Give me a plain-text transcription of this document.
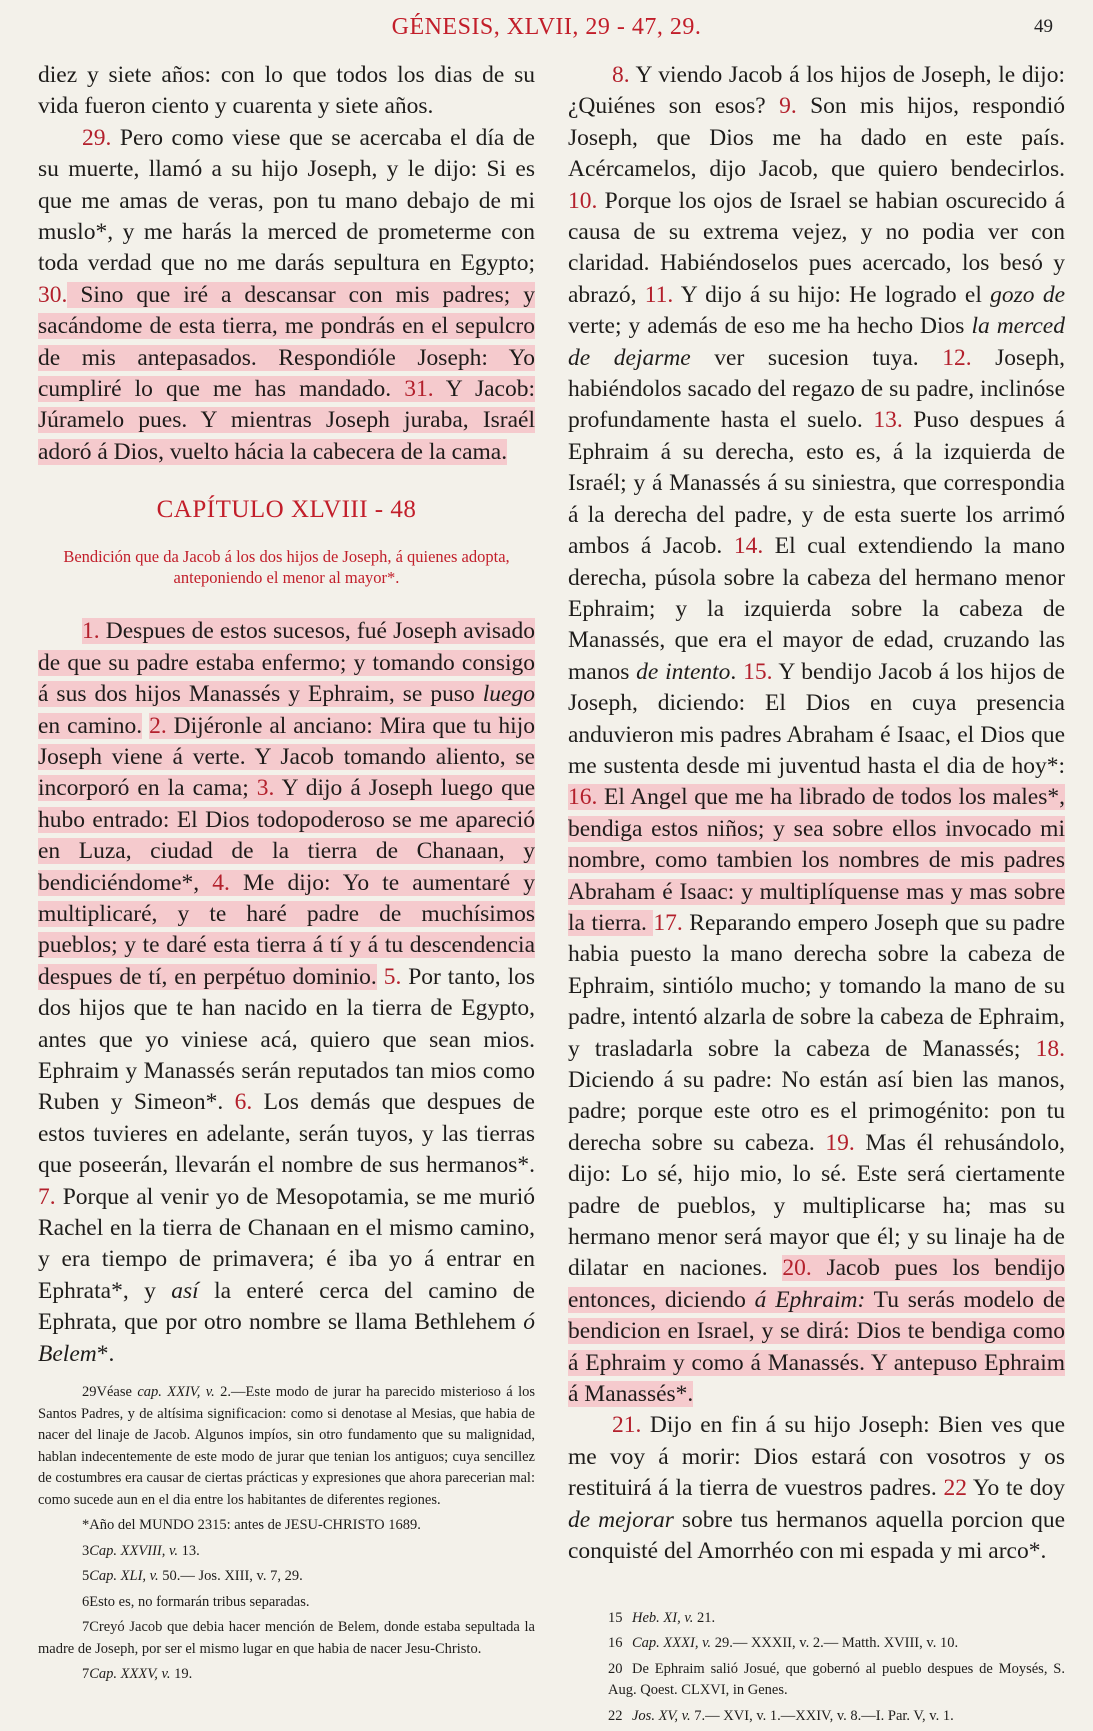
GÉNESIS, XLVII, 29 - 47, 29.	49

diez y siete años: con lo que todos los dias de su vida fueron ciento y cuarenta y siete años.

29. Pero como viese que se acercaba el día de su muerte, llamó a su hijo Joseph, y le dijo: Si es que me amas de veras, pon tu mano debajo de mi muslo*, y me harás la merced de prometerme con toda verdad que no me darás sepultura en Egypto; 30. Sino que iré a descansar con mis padres; y sacándome de esta tierra, me pondrás en el sepulcro de mis antepasados. Respondióle Joseph: Yo cumpliré lo que me has mandado. 31. Y Jacob: Júramelo pues. Y mientras Joseph juraba, Israél adoró á Dios, vuelto hácia la cabecera de la cama.

CAPÍTULO XLVIII - 48
Bendición que da Jacob á los dos hijos de Joseph, á quienes adopta, anteponiendo el menor al mayor*.

1. Despues de estos sucesos, fué Joseph avisado de que su padre estaba enfermo; y tomando consigo á sus dos hijos Manassés y Ephraim, se puso luego en camino. 2. Dijéronle al anciano: Mira que tu hijo Joseph viene á verte. Y Jacob tomando aliento, se incorporó en la cama; 3. Y dijo á Joseph luego que hubo entrado: El Dios todopoderoso se me apareció en Luza, ciudad de la tierra de Chanaan, y bendiciéndome*, 4. Me dijo: Yo te aumentaré y multiplicaré, y te haré padre de muchísimos pueblos; y te daré esta tierra á tí y á tu descendencia despues de tí, en perpétuo dominio. 5. Por tanto, los dos hijos que te han nacido en la tierra de Egypto, antes que yo viniese acá, quiero que sean mios. Ephraim y Manassés serán reputados tan mios como Ruben y Simeon*. 6. Los demás que despues de estos tuvieres en adelante, serán tuyos, y las tierras que poseerán, llevarán el nombre de sus hermanos*. 7. Porque al venir yo de Mesopotamia, se me murió Rachel en la tierra de Chanaan en el mismo camino, y era tiempo de primavera; é iba yo á entrar en Ephrata*, y así la enteré cerca del camino de Ephrata, que por otro nombre se llama Bethlehem ó Belem*.

29Véase cap. XXIV, v. 2.—Este modo de jurar ha parecido misterioso á los Santos Padres, y de altísima significacion: como si denotase al Mesias, que habia de nacer del linaje de Jacob. Algunos impíos, sin otro fundamento que su malignidad, hablan indecentemente de este modo de jurar que tenian los antiguos; cuya sencillez de costumbres era causar de ciertas prácticas y expresiones que ahora parecerian mal: como sucede aun en el dia entre los habitantes de diferentes regiones.

*Año del MUNDO 2315: antes de JESU-CHRISTO 1689.

3Cap. XXVIII, v. 13.

5Cap. XLI, v. 50.— Jos. XIII, v. 7, 29.

6Esto es, no formarán tribus separadas.

7Creyó Jacob que debia hacer mención de Belem, donde estaba sepultada la madre de Joseph, por ser el mismo lugar en que habia de nacer Jesu-Christo.

7Cap. XXXV, v. 19.

8. Y viendo Jacob á los hijos de Joseph, le dijo: ¿Quiénes son esos? 9. Son mis hijos, respondió Joseph, que Dios me ha dado en este país. Acércamelos, dijo Jacob, que quiero bendecirlos. 10. Porque los ojos de Israel se habian oscurecido á causa de su extrema vejez, y no podia ver con claridad. Habiéndoselos pues acercado, los besó y abrazó, 11. Y dijo á su hijo: He logrado el gozo de verte; y además de eso me ha hecho Dios la merced de dejarme ver sucesion tuya. 12. Joseph, habiéndolos sacado del regazo de su padre, inclinóse profundamente hasta el suelo. 13. Puso despues á Ephraim á su derecha, esto es, á la izquierda de Israél; y á Manassés á su siniestra, que correspondia á la derecha del padre, y de esta suerte los arrimó ambos á Jacob. 14. El cual extendiendo la mano derecha, púsola sobre la cabeza del hermano menor Ephraim; y la izquierda sobre la cabeza de Manassés, que era el mayor de edad, cruzando las manos de intento. 15. Y bendijo Jacob á los hijos de Joseph, diciendo: El Dios en cuya presencia anduvieron mis padres Abraham é Isaac, el Dios que me sustenta desde mi juventud hasta el dia de hoy*: 16. El Angel que me ha librado de todos los males*, bendiga estos niños; y sea sobre ellos invocado mi nombre, como tambien los nombres de mis padres Abraham é Isaac: y multiplíquense mas y mas sobre la tierra. 17. Reparando empero Joseph que su padre habia puesto la mano derecha sobre la cabeza de Ephraim, sintiólo mucho; y tomando la mano de su padre, intentó alzarla de sobre la cabeza de Ephraim, y trasladarla sobre la cabeza de Manassés; 18. Diciendo á su padre: No están así bien las manos, padre; porque este otro es el primogénito: pon tu derecha sobre su cabeza. 19. Mas él rehusándolo, dijo: Lo sé, hijo mio, lo sé. Este será ciertamente padre de pueblos, y multiplicarse ha; mas su hermano menor será mayor que él; y su linaje ha de dilatar en naciones. 20. Jacob pues los bendijo entonces, diciendo á Ephraim: Tu serás modelo de bendicion en Israel, y se dirá: Dios te bendiga como á Ephraim y como á Manassés. Y antepuso Ephraim á Manassés*.

21. Dijo en fin á su hijo Joseph: Bien ves que me voy á morir: Dios estará con vosotros y os restituirá á la tierra de vuestros padres. 22 Yo te doy de mejorar sobre tus hermanos aquella porcion que conquisté del Amorrhéo con mi espada y mi arco*.

15 Heb. XI, v. 21.

16 Cap. XXXI, v. 29.— XXXII, v. 2.— Matth. XVIII, v. 10.

20 De Ephraim salió Josué, que gobernó al pueblo despues de Moysés, S. Aug. Qoest. CLXVI, in Genes.

22 Jos. XV, v. 7.— XVI, v. 1.—XXIV, v. 8.—I. Par. V, v. 1.
